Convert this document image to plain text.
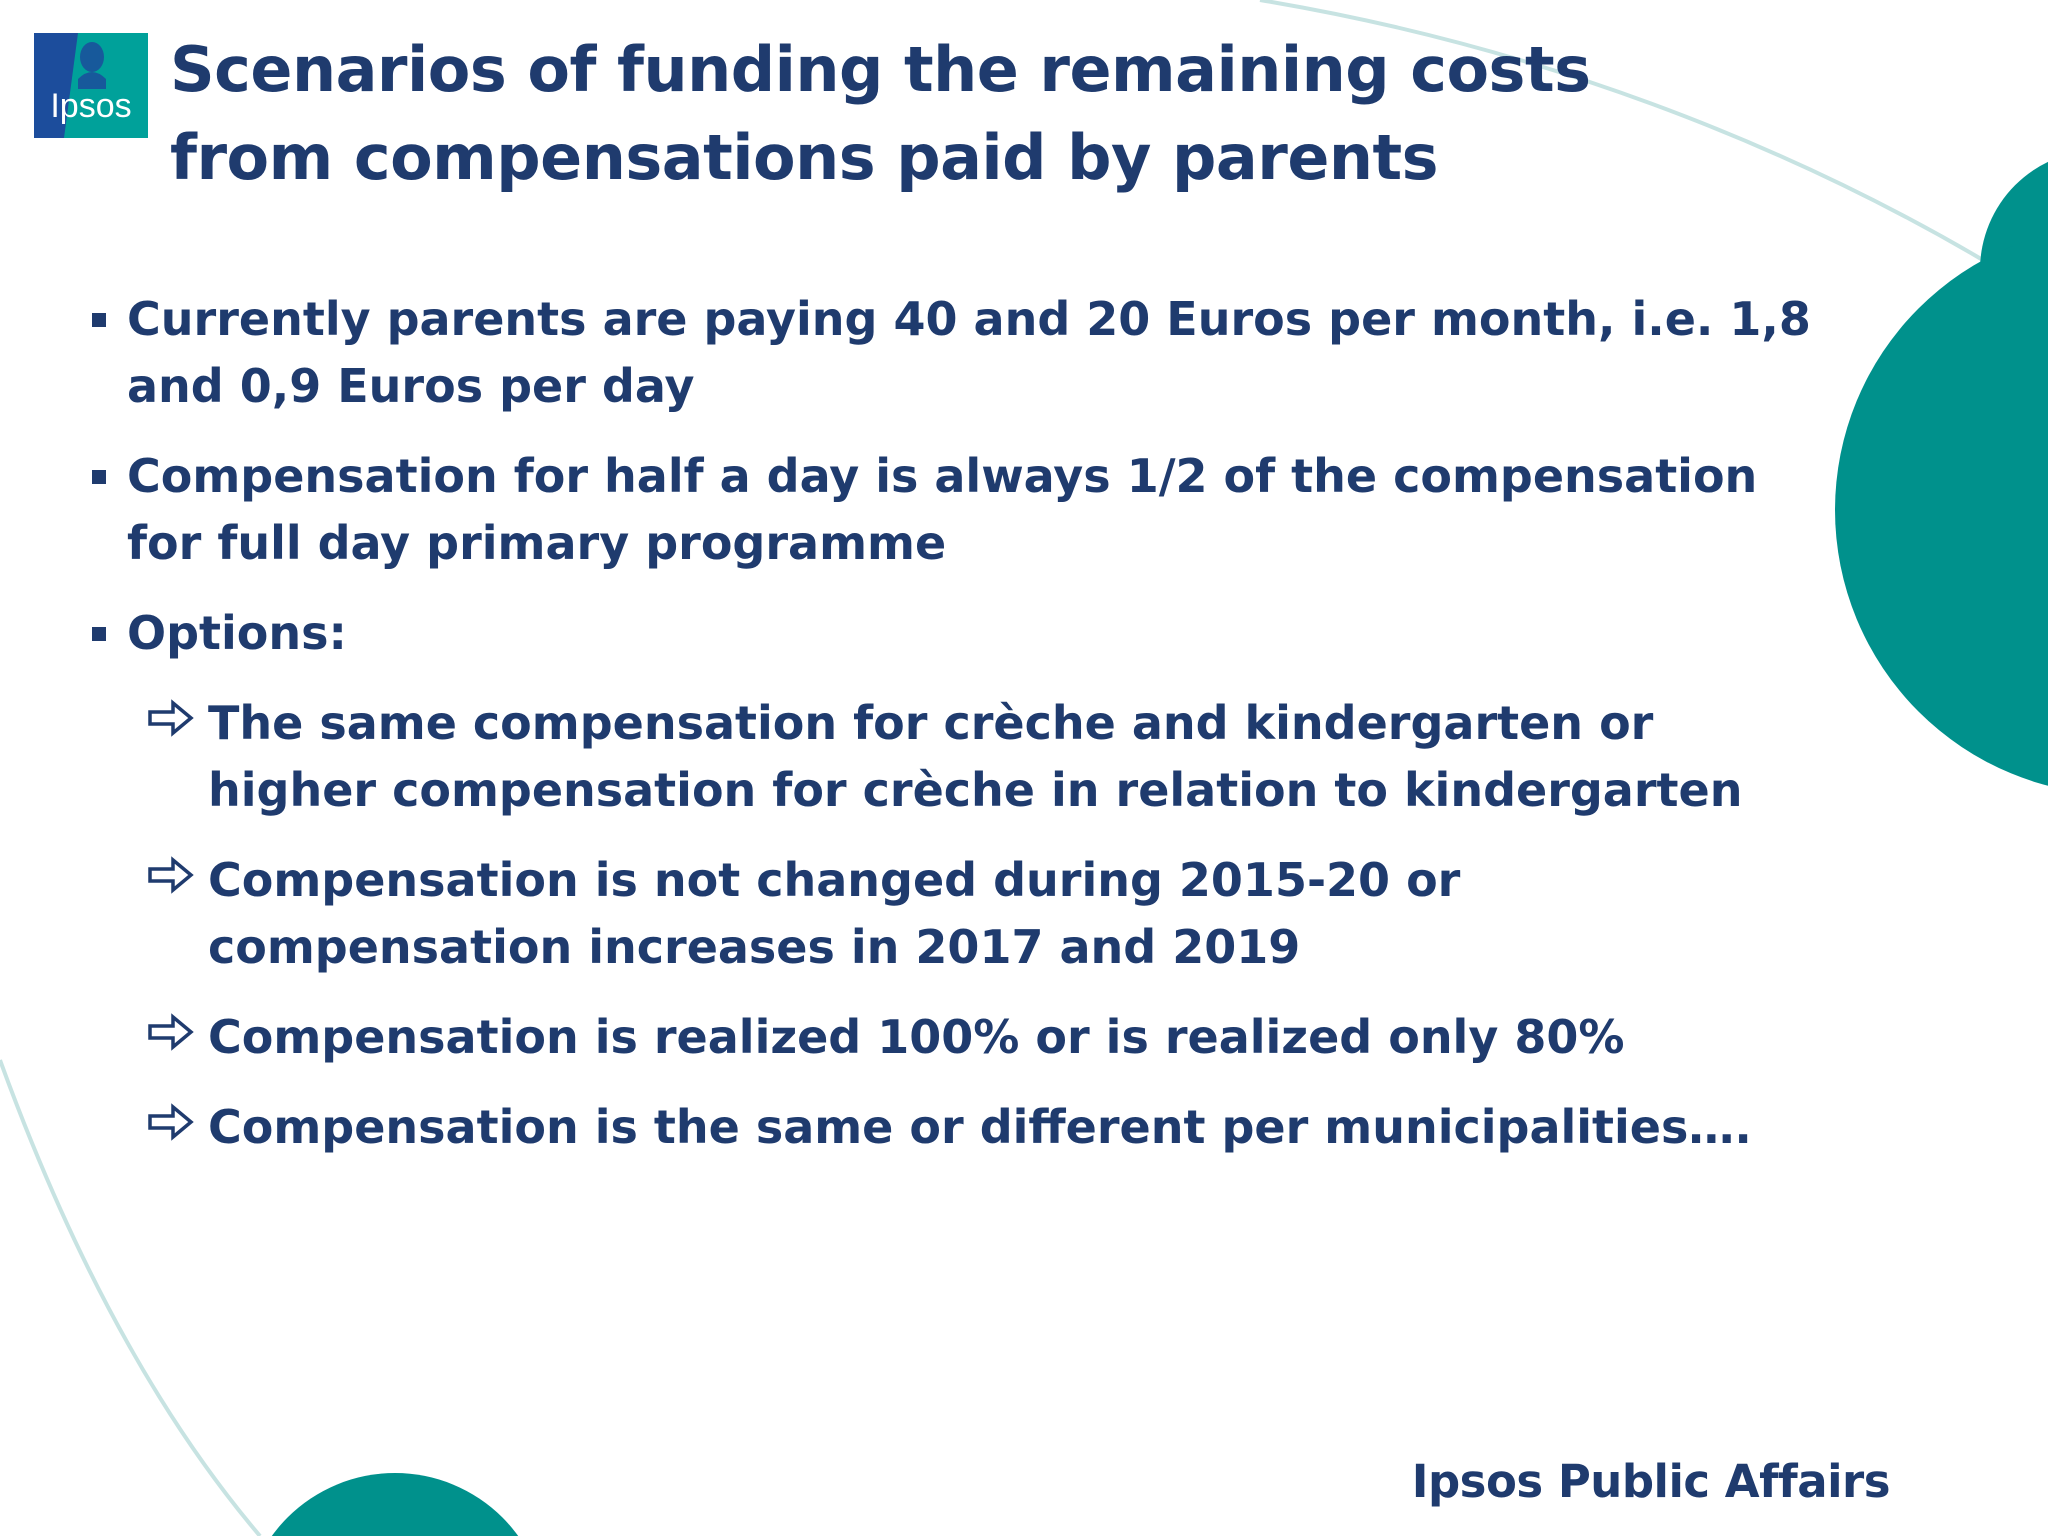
Ipsos Scenarios of funding the remaining costs from compensations paid by parents
Currently parents are paying 40 and 20 Euros per month, i.e. 1,8 and 0,9 Euros per day
Compensation for half a day is always 1/2 of the compensation for full day primary programme
Options:
The same compensation for crèche and kindergarten or higher compensation for crèche in relation to kindergarten
Compensation is not changed during 2015-20 or compensation increases in 2017 and 2019
Compensation is realized 100% or is realized only 80%
Compensation is the same or different per municipalities….
Ipsos Public Affairs
